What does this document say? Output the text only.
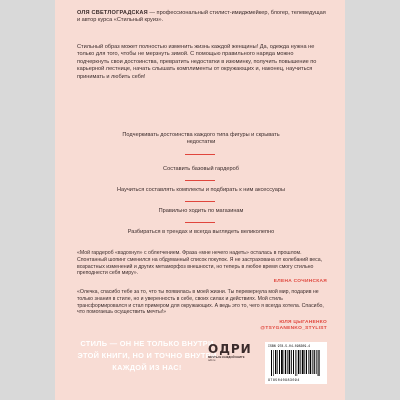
ОЛЯ СВЕТЛОГРАДСКАЯ — профессиональный стилист-имиджмейкер, блогер, телеведущая и автор курса «Стильный круиз».
Стильный образ может полностью изменить жизнь каждой женщины! Да, одежда нужна не только для того, чтобы не мерзнуть зимой. С помощью правильного наряда можно подчеркнуть свои достоинства, превратить недостатки в изюминку, получить повышение по карьерной лестнице, начать слышать комплименты от окружающих и, наконец, научиться принимать и любить себя!
Подчеркивать достоинства каждого типа фигуры и скрывать недостатки
Составить базовый гардероб
Научиться составлять комплекты и подбирать к ним аксессуары
Правильно ходить по магазинам
Разбираться в трендах и всегда выглядеть великолепно
«Мой гардероб «вздохнул» с облегчением. Фраза «мне нечего надеть» осталась в прошлом. Спонтанный шопинг сменился на обдуманный список покупок. Я не застрахована от колебаний веса, возрастных изменений и других метаморфоз внешности, но теперь в любое время смогу стильно преподнести себя миру».
ЕЛЕНА СОЧИНСКАЯ
«Олечка, спасибо тебе за то, что ты появилась в моей жизни. Ты перевернула мой мир, подарив не только знания в стиле, но и уверенность в себе, своих силах и действиях. Мой стиль трансформировался и стал примером для окружающих. А ведь это то, чего я всегда хотела. Спасибо, что помогаешь осуществить мечты!»
ЮЛЯ ЦЫГАНЕНКО
@TSYGANENKO_STYLIST
СТИЛЬ — ОН НЕ ТОЛЬКО ВНУТРИ ЭТОЙ КНИГИ, НО И ТОЧНО ВНУТРИ КАЖДОЙ ИЗ НАС!
ОДРИ
МЕЧТЫ В КАЖДОЙ КНИГЕ
odri.ru
ISBN 978-5-04-098309-4
9785040983094
